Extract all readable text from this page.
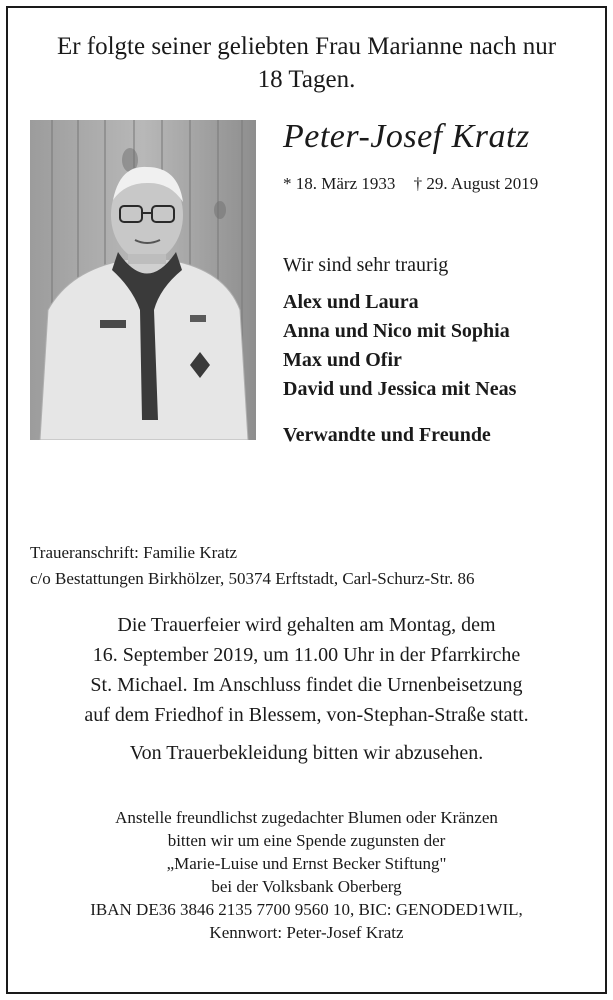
Er folgte seiner geliebten Frau Marianne nach nur
18 Tagen.
Peter-Josef Kratz
* 18. März 1933 † 29. August 2019
Wir sind sehr traurig
Alex und Laura
Anna und Nico mit Sophia
Max und Ofir
David und Jessica mit Neas
Verwandte und Freunde
Traueranschrift: Familie Kratz
c/o Bestattungen Birkhölzer, 50374 Erftstadt, Carl-Schurz-Str. 86
Die Trauerfeier wird gehalten am Montag, dem
16. September 2019, um 11.00 Uhr in der Pfarrkirche
St. Michael. Im Anschluss findet die Urnenbeisetzung
auf dem Friedhof in Blessem, von-Stephan-Straße statt.
Von Trauerbekleidung bitten wir abzusehen.
Anstelle freundlichst zugedachter Blumen oder Kränzen
bitten wir um eine Spende zugunsten der
„Marie-Luise und Ernst Becker Stiftung"
bei der Volksbank Oberberg
IBAN DE36 3846 2135 7700 9560 10, BIC: GENODED1WIL,
Kennwort: Peter-Josef Kratz
